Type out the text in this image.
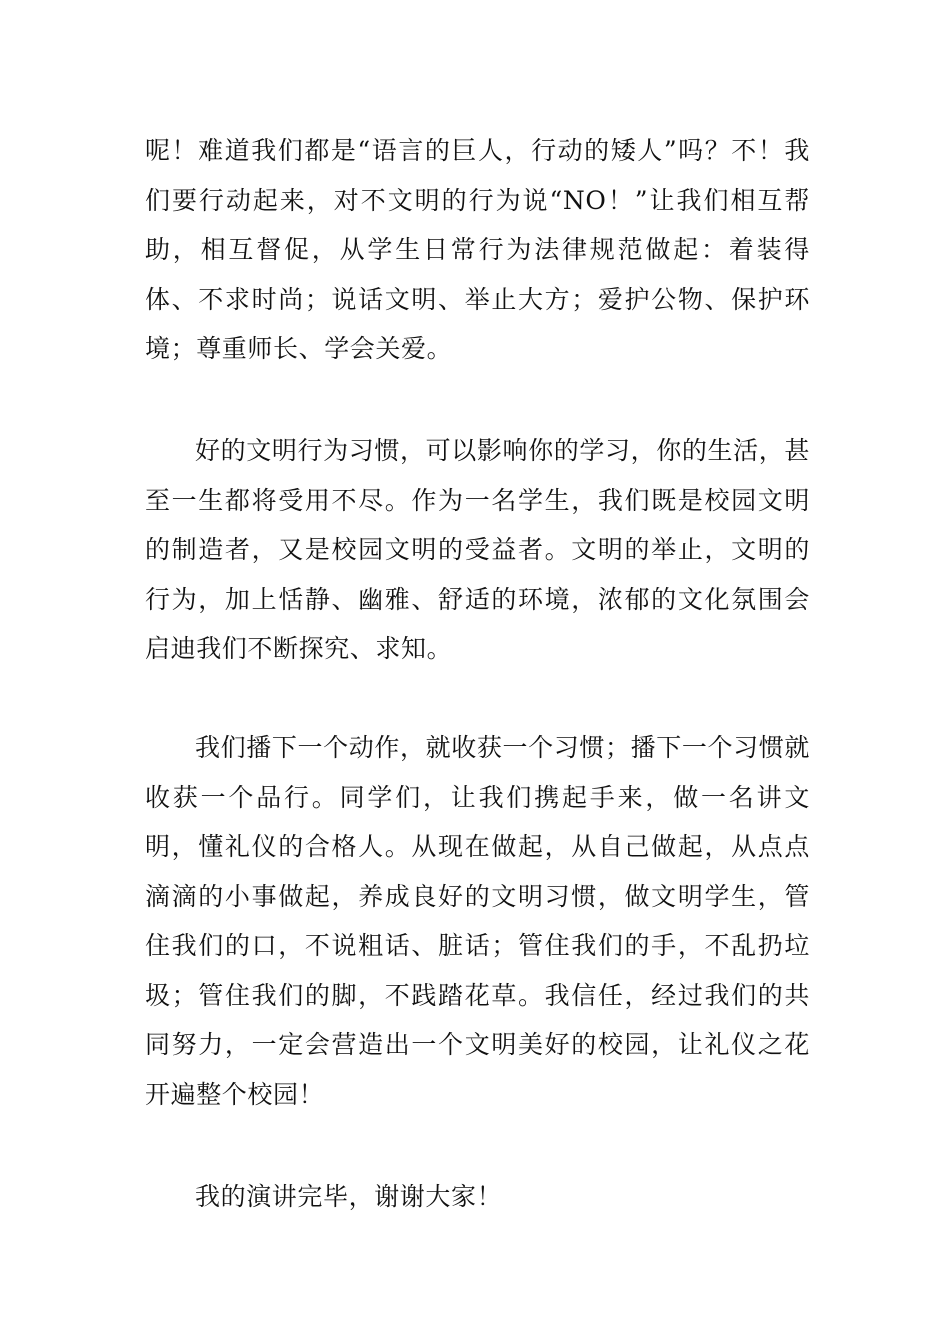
呢！难道我们都是“语言的巨人，行动的矮人”吗？不！我们要行动起来，对不文明的行为说“NO！”让我们相互帮助，相互督促，从学生日常行为法律规范做起：着装得体、不求时尚；说话文明、举止大方；爱护公物、保护环境；尊重师长、学会关爱。

好的文明行为习惯，可以影响你的学习，你的生活，甚至一生都将受用不尽。作为一名学生，我们既是校园文明的制造者，又是校园文明的受益者。文明的举止，文明的行为，加上恬静、幽雅、舒适的环境，浓郁的文化氛围会启迪我们不断探究、求知。

我们播下一个动作，就收获一个习惯；播下一个习惯就收获一个品行。同学们，让我们携起手来，做一名讲文明，懂礼仪的合格人。从现在做起，从自己做起，从点点滴滴的小事做起，养成良好的文明习惯，做文明学生，管住我们的口，不说粗话、脏话；管住我们的手，不乱扔垃圾；管住我们的脚，不践踏花草。我信任，经过我们的共同努力，一定会营造出一个文明美好的校园，让礼仪之花开遍整个校园！

我的演讲完毕，谢谢大家！
